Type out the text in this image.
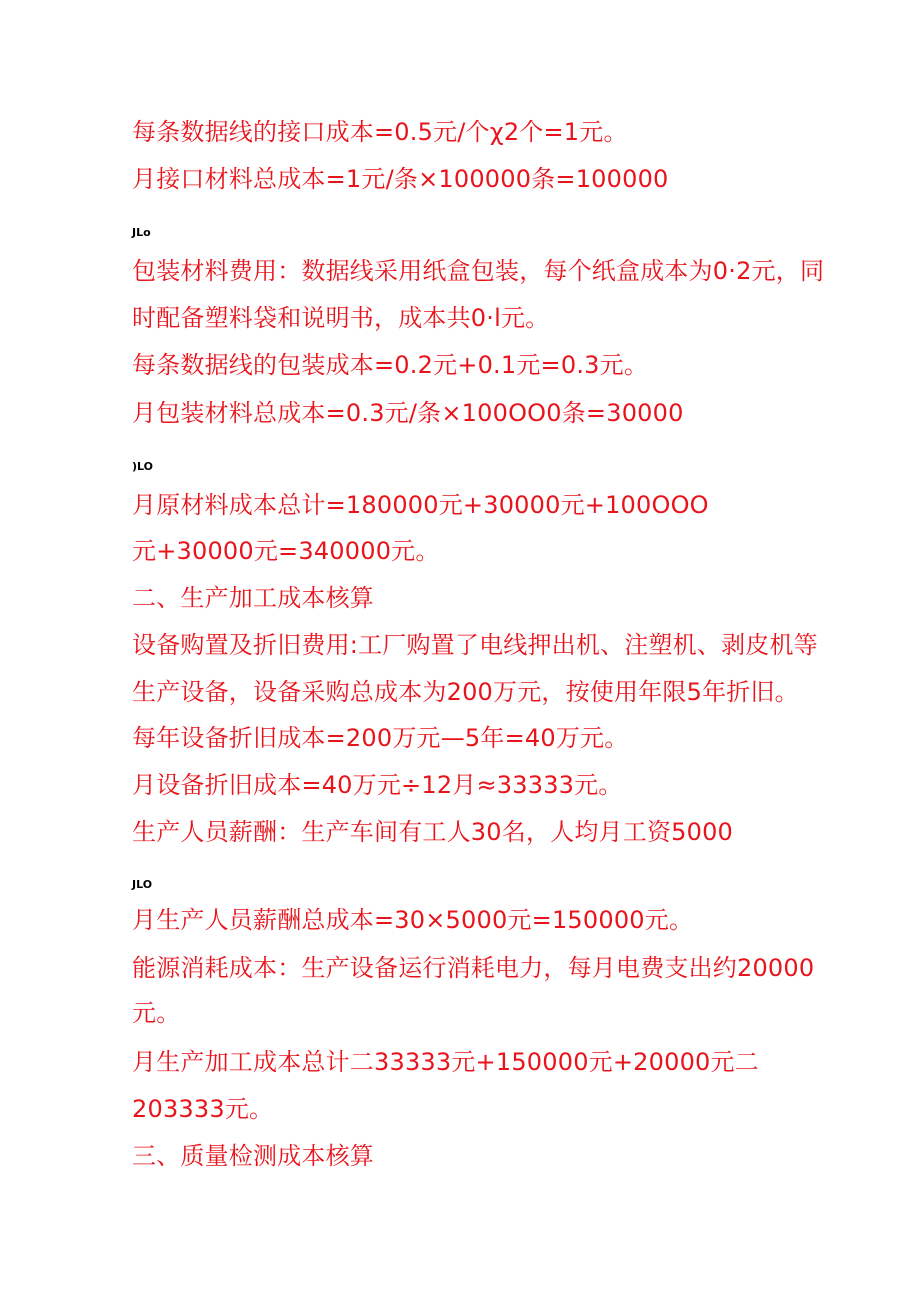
每条数据线的接口成本=0.5元/个χ2个=1元。
月接口材料总成本=1元/条×100000条=100000
JLo
包装材料费用：数据线采用纸盒包装，每个纸盒成本为0·2元，同
时配备塑料袋和说明书，成本共0·l元。
每条数据线的包装成本=0.2元+0.1元=0.3元。
月包装材料总成本=0.3元/条×100OO0条=30000
)LO
月原材料成本总计=180000元+30000元+100OOO
元+30000元=340000元。
二、生产加工成本核算
设备购置及折旧费用:工厂购置了电线押出机、注塑机、剥皮机等
生产设备，设备采购总成本为200万元，按使用年限5年折旧。
每年设备折旧成本=200万元—5年=40万元。
月设备折旧成本=40万元÷12月≈33333元。
生产人员薪酬：生产车间有工人30名，人均月工资5000
JLO
月生产人员薪酬总成本=30×5000元=150000元。
能源消耗成本：生产设备运行消耗电力，每月电费支出约20000
元。
月生产加工成本总计二33333元+150000元+20000元二
203333元。
三、质量检测成本核算
